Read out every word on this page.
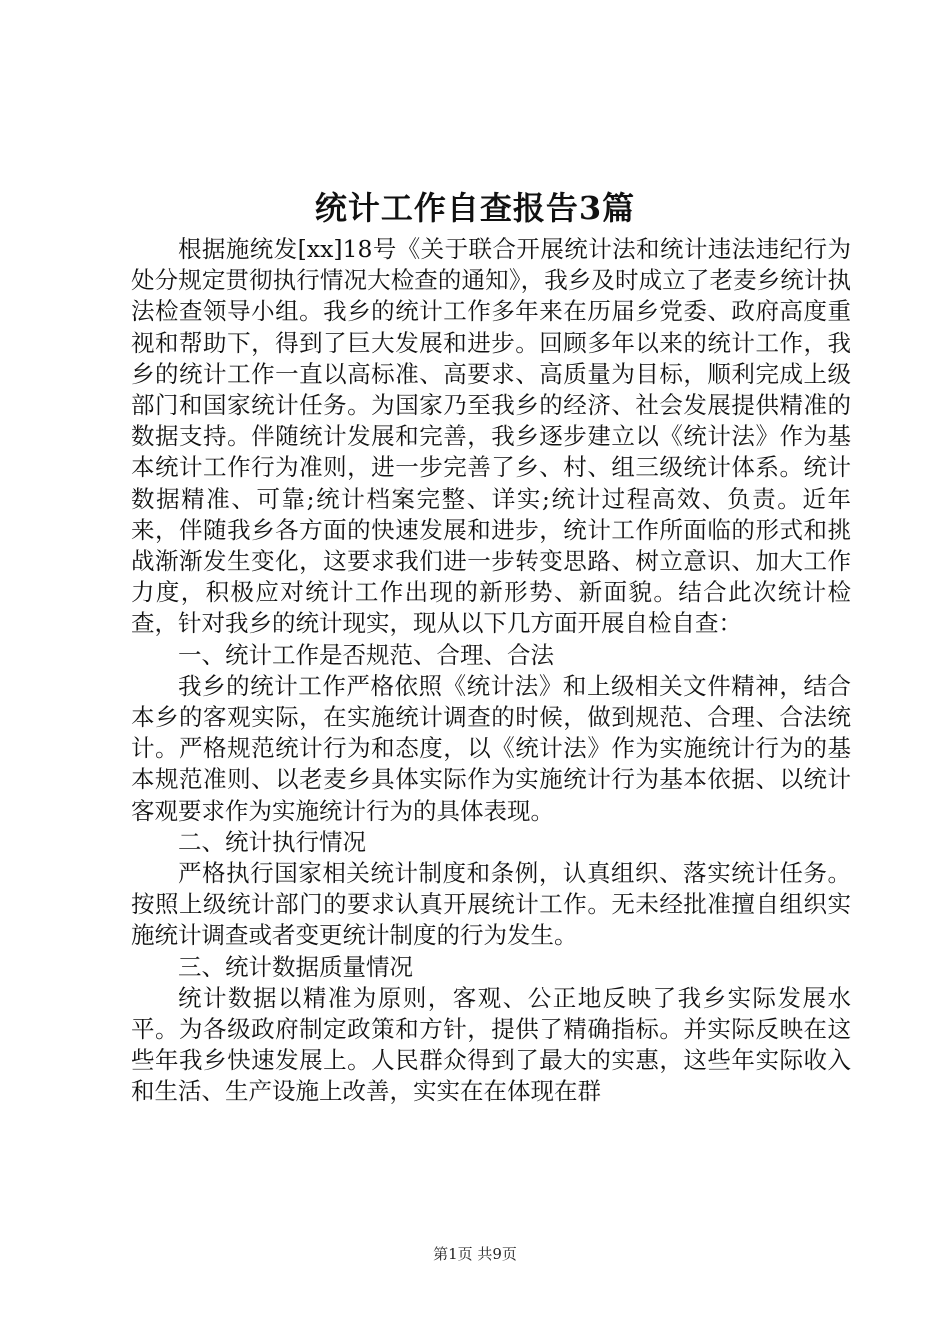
统计工作自查报告3篇

根据施统发[xx]18号《关于联合开展统计法和统计违法违纪行为处分规定贯彻执行情况大检查的通知》，我乡及时成立了老麦乡统计执法检查领导小组。我乡的统计工作多年来在历届乡党委、政府高度重视和帮助下，得到了巨大发展和进步。回顾多年以来的统计工作，我乡的统计工作一直以高标准、高要求、高质量为目标，顺利完成上级部门和国家统计任务。为国家乃至我乡的经济、社会发展提供精准的数据支持。伴随统计发展和完善，我乡逐步建立以《统计法》作为基本统计工作行为准则，进一步完善了乡、村、组三级统计体系。统计数据精准、可靠;统计档案完整、详实;统计过程高效、负责。近年来，伴随我乡各方面的快速发展和进步，统计工作所面临的形式和挑战渐渐发生变化，这要求我们进一步转变思路、树立意识、加大工作力度，积极应对统计工作出现的新形势、新面貌。结合此次统计检查，针对我乡的统计现实，现从以下几方面开展自检自查：

一、统计工作是否规范、合理、合法

我乡的统计工作严格依照《统计法》和上级相关文件精神，结合本乡的客观实际，在实施统计调查的时候，做到规范、合理、合法统计。严格规范统计行为和态度，以《统计法》作为实施统计行为的基本规范准则、以老麦乡具体实际作为实施统计行为基本依据、以统计客观要求作为实施统计行为的具体表现。

二、统计执行情况

严格执行国家相关统计制度和条例，认真组织、落实统计任务。按照上级统计部门的要求认真开展统计工作。无未经批准擅自组织实施统计调查或者变更统计制度的行为发生。

三、统计数据质量情况

统计数据以精准为原则，客观、公正地反映了我乡实际发展水平。为各级政府制定政策和方针，提供了精确指标。并实际反映在这些年我乡快速发展上。人民群众得到了最大的实惠，这些年实际收入和生活、生产设施上改善，实实在在体现在群

第1页 共9页
